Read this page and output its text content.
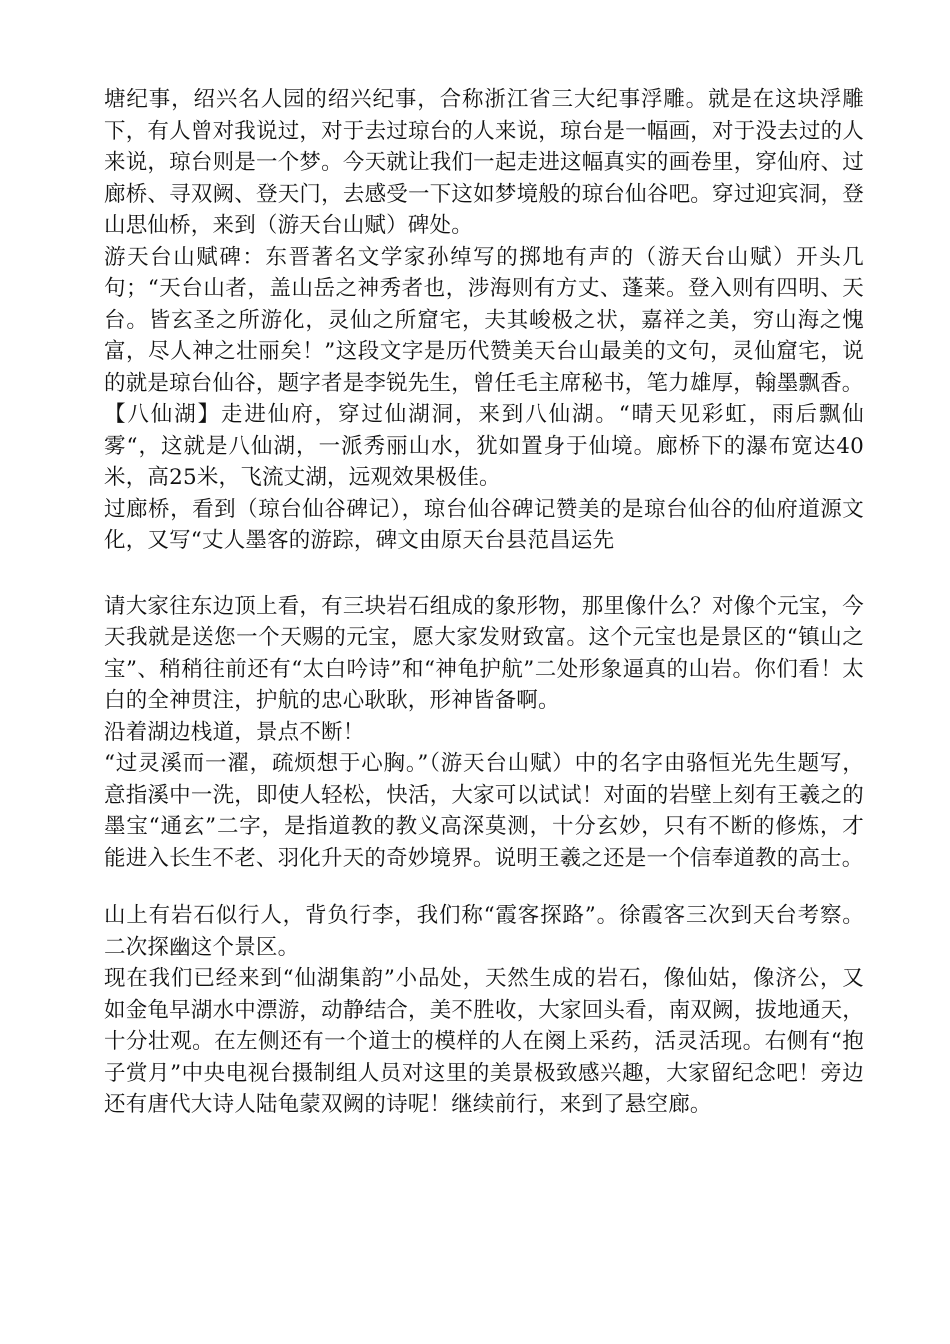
塘纪事，绍兴名人园的绍兴纪事，合称浙江省三大纪事浮雕。就是在这块浮雕下，有人曾对我说过，对于去过琼台的人来说，琼台是一幅画，对于没去过的人来说，琼台则是一个梦。今天就让我们一起走进这幅真实的画卷里，穿仙府、过廊桥、寻双阙、登天门，去感受一下这如梦境般的琼台仙谷吧。穿过迎宾洞，登山思仙桥，来到（游天台山赋）碑处。

游天台山赋碑：东晋著名文学家孙绰写的掷地有声的（游天台山赋）开头几句；“天台山者，盖山岳之神秀者也，涉海则有方丈、蓬莱。登入则有四明、天台。皆玄圣之所游化，灵仙之所窟宅，夫其峻极之状，嘉祥之美，穷山海之愧富，尽人神之壮丽矣！”这段文字是历代赞美天台山最美的文句，灵仙窟宅，说的就是琼台仙谷，题字者是李锐先生，曾任毛主席秘书，笔力雄厚，翰墨飘香。

【八仙湖】走进仙府，穿过仙湖洞，来到八仙湖。“晴天见彩虹，雨后飘仙雾“，这就是八仙湖，一派秀丽山水，犹如置身于仙境。廊桥下的瀑布宽达40米，高25米，飞流丈湖，远观效果极佳。

过廊桥，看到（琼台仙谷碑记），琼台仙谷碑记赞美的是琼台仙谷的仙府道源文化，又写“丈人墨客的游踪，碑文由原天台县范昌运先

请大家往东边顶上看，有三块岩石组成的象形物，那里像什么？对像个元宝，今天我就是送您一个天赐的元宝，愿大家发财致富。这个元宝也是景区的“镇山之宝”、稍稍往前还有“太白吟诗”和“神龟护航”二处形象逼真的山岩。你们看！太白的全神贯注，护航的忠心耿耿，形神皆备啊。

沿着湖边栈道，景点不断！

“过灵溪而一濯，疏烦想于心胸。”（游天台山赋）中的名字由骆恒光先生题写，意指溪中一洗，即使人轻松，快活，大家可以试试！对面的岩壁上刻有王羲之的墨宝“通玄”二字，是指道教的教义高深莫测，十分玄妙，只有不断的修炼，才能进入长生不老、羽化升天的奇妙境界。说明王羲之还是一个信奉道教的高士。

山上有岩石似行人，背负行李，我们称“霞客探路”。徐霞客三次到天台考察。二次探幽这个景区。

现在我们已经来到“仙湖集韵”小品处，天然生成的岩石，像仙姑，像济公，又如金龟早湖水中漂游，动静结合，美不胜收，大家回头看，南双阙，拔地通天，十分壮观。在左侧还有一个道士的模样的人在阕上采药，活灵活现。右侧有“抱子赏月”中央电视台摄制组人员对这里的美景极致感兴趣，大家留纪念吧！旁边还有唐代大诗人陆龟蒙双阙的诗呢！继续前行，来到了悬空廊。
